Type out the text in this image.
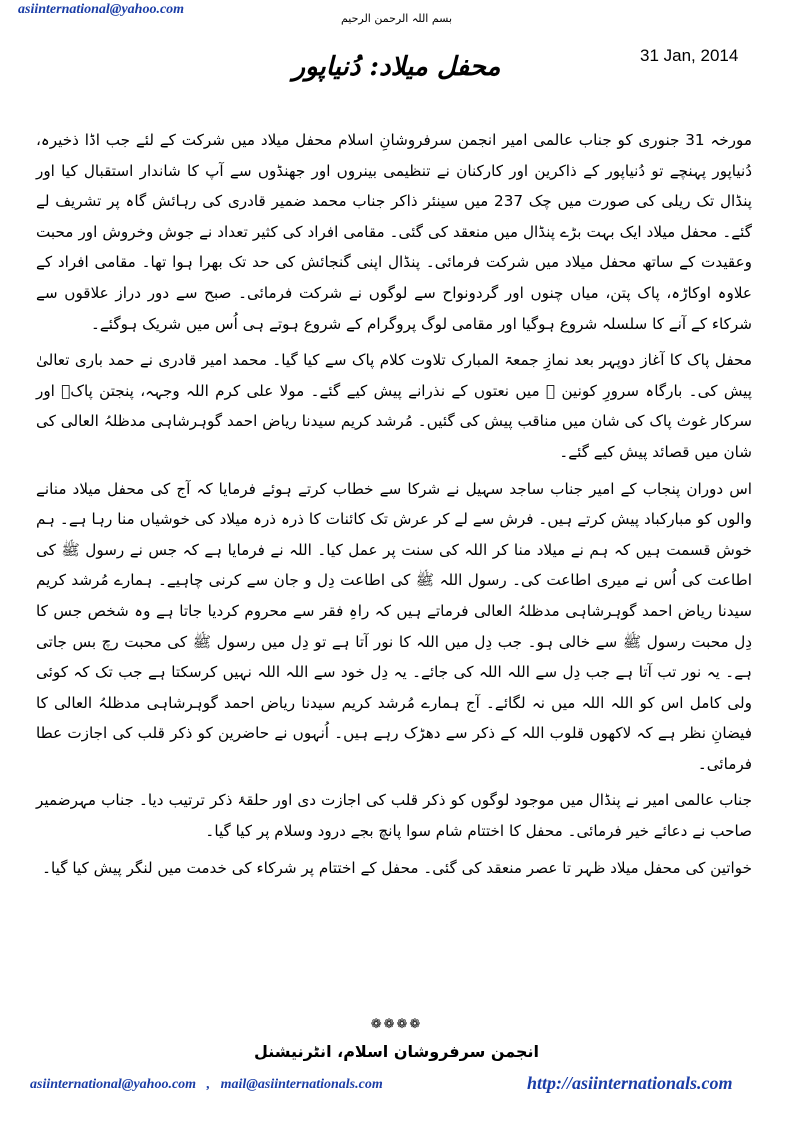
asiinternational@yahoo.com
بسم اللہ الرحمن الرحیم
31 Jan, 2014
محفل میلاد: دُنیاپور

مورخہ 31 جنوری کو جناب عالمی امیر انجمن سرفروشانِ اسلام محفل میلاد میں شرکت کے لئے جب اڈا ذخیرہ، دُنیاپور پہنچے تو دُنیاپور کے ذاکرین اور کارکنان نے تنظیمی بینروں اور جھنڈوں سے آپ کا شاندار استقبال کیا اور پنڈال تک ریلی کی صورت میں چک 237 میں سینئر ذاکر جناب محمد ضمیر قادری کی رہائش گاہ پر تشریف لے گئے۔ محفل میلاد ایک بہت بڑے پنڈال میں منعقد کی گئی۔ مقامی افراد کی کثیر تعداد نے جوش وخروش اور محبت وعقیدت کے ساتھ محفل میلاد میں شرکت فرمائی۔ پنڈال اپنی گنجائش کی حد تک بھرا ہوا تھا۔ مقامی افراد کے علاوہ اوکاڑہ، پاک پتن، میاں چنوں اور گردونواح سے لوگوں نے شرکت فرمائی۔ صبح سے دور دراز علاقوں سے شرکاء کے آنے کا سلسلہ شروع ہوگیا اور مقامی لوگ پروگرام کے شروع ہوتے ہی اُس میں شریک ہوگئے۔

محفل پاک کا آغاز دوپہر بعد نمازِ جمعۃ المبارک تلاوت کلام پاک سے کیا گیا۔ محمد امیر قادری نے حمد باری تعالیٰ پیش کی۔ بارگاہ سرورِ کونین ﷺ میں نعتوں کے نذرانے پیش کیے گئے۔ مولا علی کرم اللہ وجہہ، پنجتن پاکؑ اور سرکار غوث پاک کی شان میں مناقب پیش کی گئیں۔ مُرشد کریم سیدنا ریاض احمد گوہرشاہی مدظلہُ العالی کی شان میں قصائد پیش کیے گئے۔

اس دوران پنجاب کے امیر جناب ساجد سہیل نے شرکا سے خطاب کرتے ہوئے فرمایا کہ آج کی محفل میلاد منانے والوں کو مبارکباد پیش کرتے ہیں۔ فرش سے لے کر عرش تک کائنات کا ذرہ ذرہ میلاد کی خوشیاں منا رہا ہے۔ ہم خوش قسمت ہیں کہ ہم نے میلاد منا کر اللہ کی سنت پر عمل کیا۔ اللہ نے فرمایا ہے کہ جس نے رسول ﷺ کی اطاعت کی اُس نے میری اطاعت کی۔ رسول اللہ ﷺ کی اطاعت دِل و جان سے کرنی چاہیے۔ ہمارے مُرشد کریم سیدنا ریاض احمد گوہرشاہی مدظلہُ العالی فرماتے ہیں کہ راہِ فقر سے محروم کردیا جاتا ہے وہ شخص جس کا دِل محبت رسول ﷺ سے خالی ہو۔ جب دِل میں اللہ کا نور آتا ہے تو دِل میں رسول ﷺ کی محبت رچ بس جاتی ہے۔ یہ نور تب آتا ہے جب دِل سے اللہ اللہ کی جائے۔ یہ دِل خود سے اللہ اللہ نہیں کرسکتا ہے جب تک کہ کوئی ولی کامل اس کو اللہ اللہ میں نہ لگائے۔ آج ہمارے مُرشد کریم سیدنا ریاض احمد گوہرشاہی مدظلہُ العالی کا فیضانِ نظر ہے کہ لاکھوں قلوب اللہ کے ذکر سے دھڑک رہے ہیں۔ اُنہوں نے حاضرین کو ذکر قلب کی اجازت عطا فرمائی۔

جناب عالمی امیر نے پنڈال میں موجود لوگوں کو ذکر قلب کی اجازت دی اور حلقۂ ذکر ترتیب دیا۔ جناب مہرضمیر صاحب نے دعائے خیر فرمائی۔ محفل کا اختتام شام سوا پانچ بجے درود وسلام پر کیا گیا۔

خواتین کی محفل میلاد ظہر تا عصر منعقد کی گئی۔ محفل کے اختتام پر شرکاء کی خدمت میں لنگر پیش کیا گیا۔

❁❁❁❁
انجمن سرفروشان اسلام، انٹرنیشنل
asiinternational@yahoo.com , mail@asiinternationals.com	http://asiinternationals.com
